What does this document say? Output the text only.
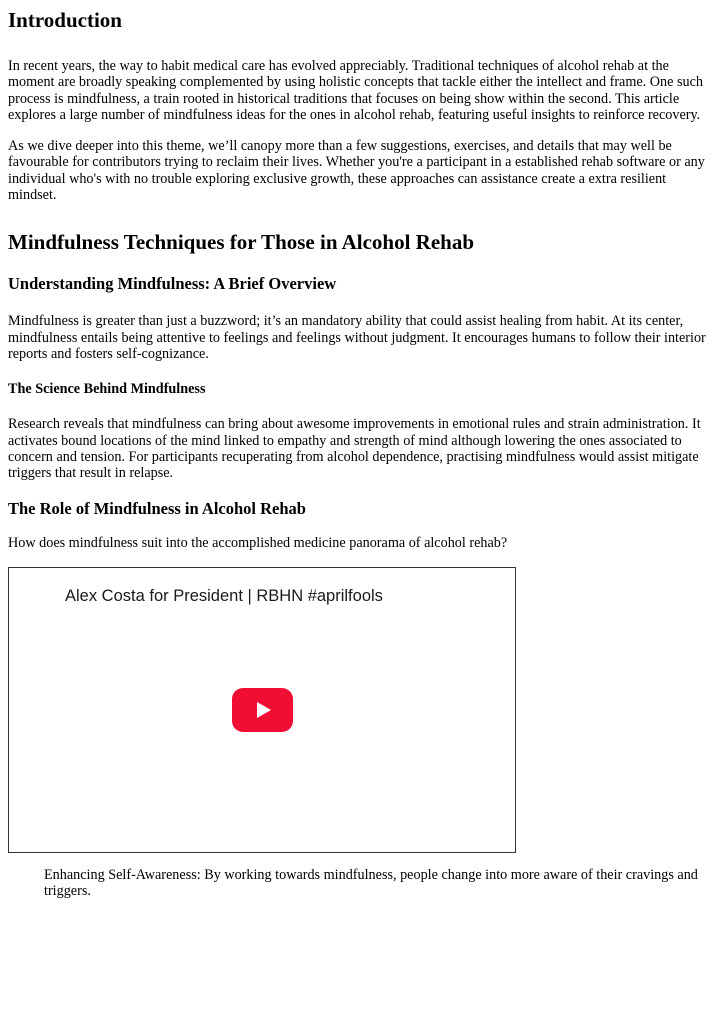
Introduction

In recent years, the way to habit medical care has evolved appreciably. Traditional techniques of alcohol rehab at the moment are broadly speaking complemented by using holistic concepts that tackle either the intellect and frame. One such process is mindfulness, a train rooted in historical traditions that focuses on being show within the second. This article explores a large number of mindfulness ideas for the ones in alcohol rehab, featuring useful insights to reinforce recovery.

As we dive deeper into this theme, we’ll canopy more than a few suggestions, exercises, and details that may well be favourable for contributors trying to reclaim their lives. Whether you're a participant in a established rehab software or any individual who's with no trouble exploring exclusive growth, these approaches can assistance create a extra resilient mindset.

Mindfulness Techniques for Those in Alcohol Rehab
Understanding Mindfulness: A Brief Overview

Mindfulness is greater than just a buzzword; it’s an mandatory ability that could assist healing from habit. At its center, mindfulness entails being attentive to feelings and feelings without judgment. It encourages humans to follow their interior reports and fosters self-cognizance.

The Science Behind Mindfulness

Research reveals that mindfulness can bring about awesome improvements in emotional rules and strain administration. It activates bound locations of the mind linked to empathy and strength of mind although lowering the ones associated to concern and tension. For participants recuperating from alcohol dependence, practising mindfulness would assist mitigate triggers that result in relapse.

The Role of Mindfulness in Alcohol Rehab

How does mindfulness suit into the accomplished medicine panorama of alcohol rehab?

Alex Costa for President | RBHN #aprilfools
Enhancing Self-Awareness: By working towards mindfulness, people change into more aware of their cravings and triggers.
